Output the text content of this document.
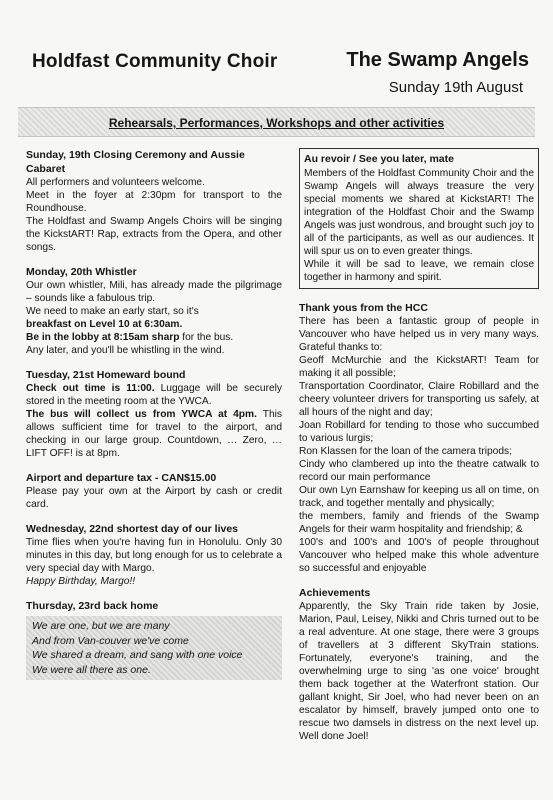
Holdfast Community Choir	The Swamp Angels
Sunday 19th August
Rehearsals, Performances, Workshops and other activities
Sunday, 19th Closing Ceremony and Aussie Cabaret

All performers and volunteers welcome.

Meet in the foyer at 2:30pm for transport to the Roundhouse.

The Holdfast and Swamp Angels Choirs will be singing the KickstART! Rap, extracts from the Opera, and other songs.

Monday, 20th Whistler

Our own whistler, Mili, has already made the pilgrimage – sounds like a fabulous trip.

We need to make an early start, so it's

breakfast on Level 10 at 6:30am.

Be in the lobby at 8:15am sharp for the bus.

Any later, and you'll be whistling in the wind.

Tuesday, 21st Homeward bound

Check out time is 11:00. Luggage will be securely stored in the meeting room at the YWCA.

The bus will collect us from YWCA at 4pm. This allows sufficient time for travel to the airport, and checking in our large group. Countdown, … Zero, … LIFT OFF! is at 8pm.

Airport and departure tax - CAN$15.00

Please pay your own at the Airport by cash or credit card.

Wednesday, 22nd shortest day of our lives

Time flies when you're having fun in Honolulu. Only 30 minutes in this day, but long enough for us to celebrate a very special day with Margo.

Happy Birthday, Margo!!

Thursday, 23rd back home

We are one, but we are many

And from Van-couver we've come

We shared a dream, and sang with one voice

We were all there as one.

Au revoir / See you later, mate

Members of the Holdfast Community Choir and the Swamp Angels will always treasure the very special moments we shared at KickstART! The integration of the Holdfast Choir and the Swamp Angels was just wondrous, and brought such joy to all of the participants, as well as our audiences. It will spur us on to even greater things.

While it will be sad to leave, we remain close together in harmony and spirit.

Thank yous from the HCC

There has been a fantastic group of people in Vancouver who have helped us in very many ways. Grateful thanks to:

Geoff McMurchie and the KickstART! Team for making it all possible;

Transportation Coordinator, Claire Robillard and the cheery volunteer drivers for transporting us safely, at all hours of the night and day;

Joan Robillard for tending to those who succumbed to various lurgis;

Ron Klassen for the loan of the camera tripods;

Cindy who clambered up into the theatre catwalk to record our main performance

Our own Lyn Earnshaw for keeping us all on time, on track, and together mentally and physically;

the members, family and friends of the Swamp Angels for their warm hospitality and friendship; &

100's and 100's and 100's of people throughout Vancouver who helped make this whole adventure so successful and enjoyable

Achievements

Apparently, the Sky Train ride taken by Josie, Marion, Paul, Leisey, Nikki and Chris turned out to be a real adventure. At one stage, there were 3 groups of travellers at 3 different SkyTrain stations. Fortunately, everyone's training, and the overwhelming urge to sing 'as one voice' brought them back together at the Waterfront station. Our gallant knight, Sir Joel, who had never been on an escalator by himself, bravely jumped onto one to rescue two damsels in distress on the next level up. Well done Joel!
